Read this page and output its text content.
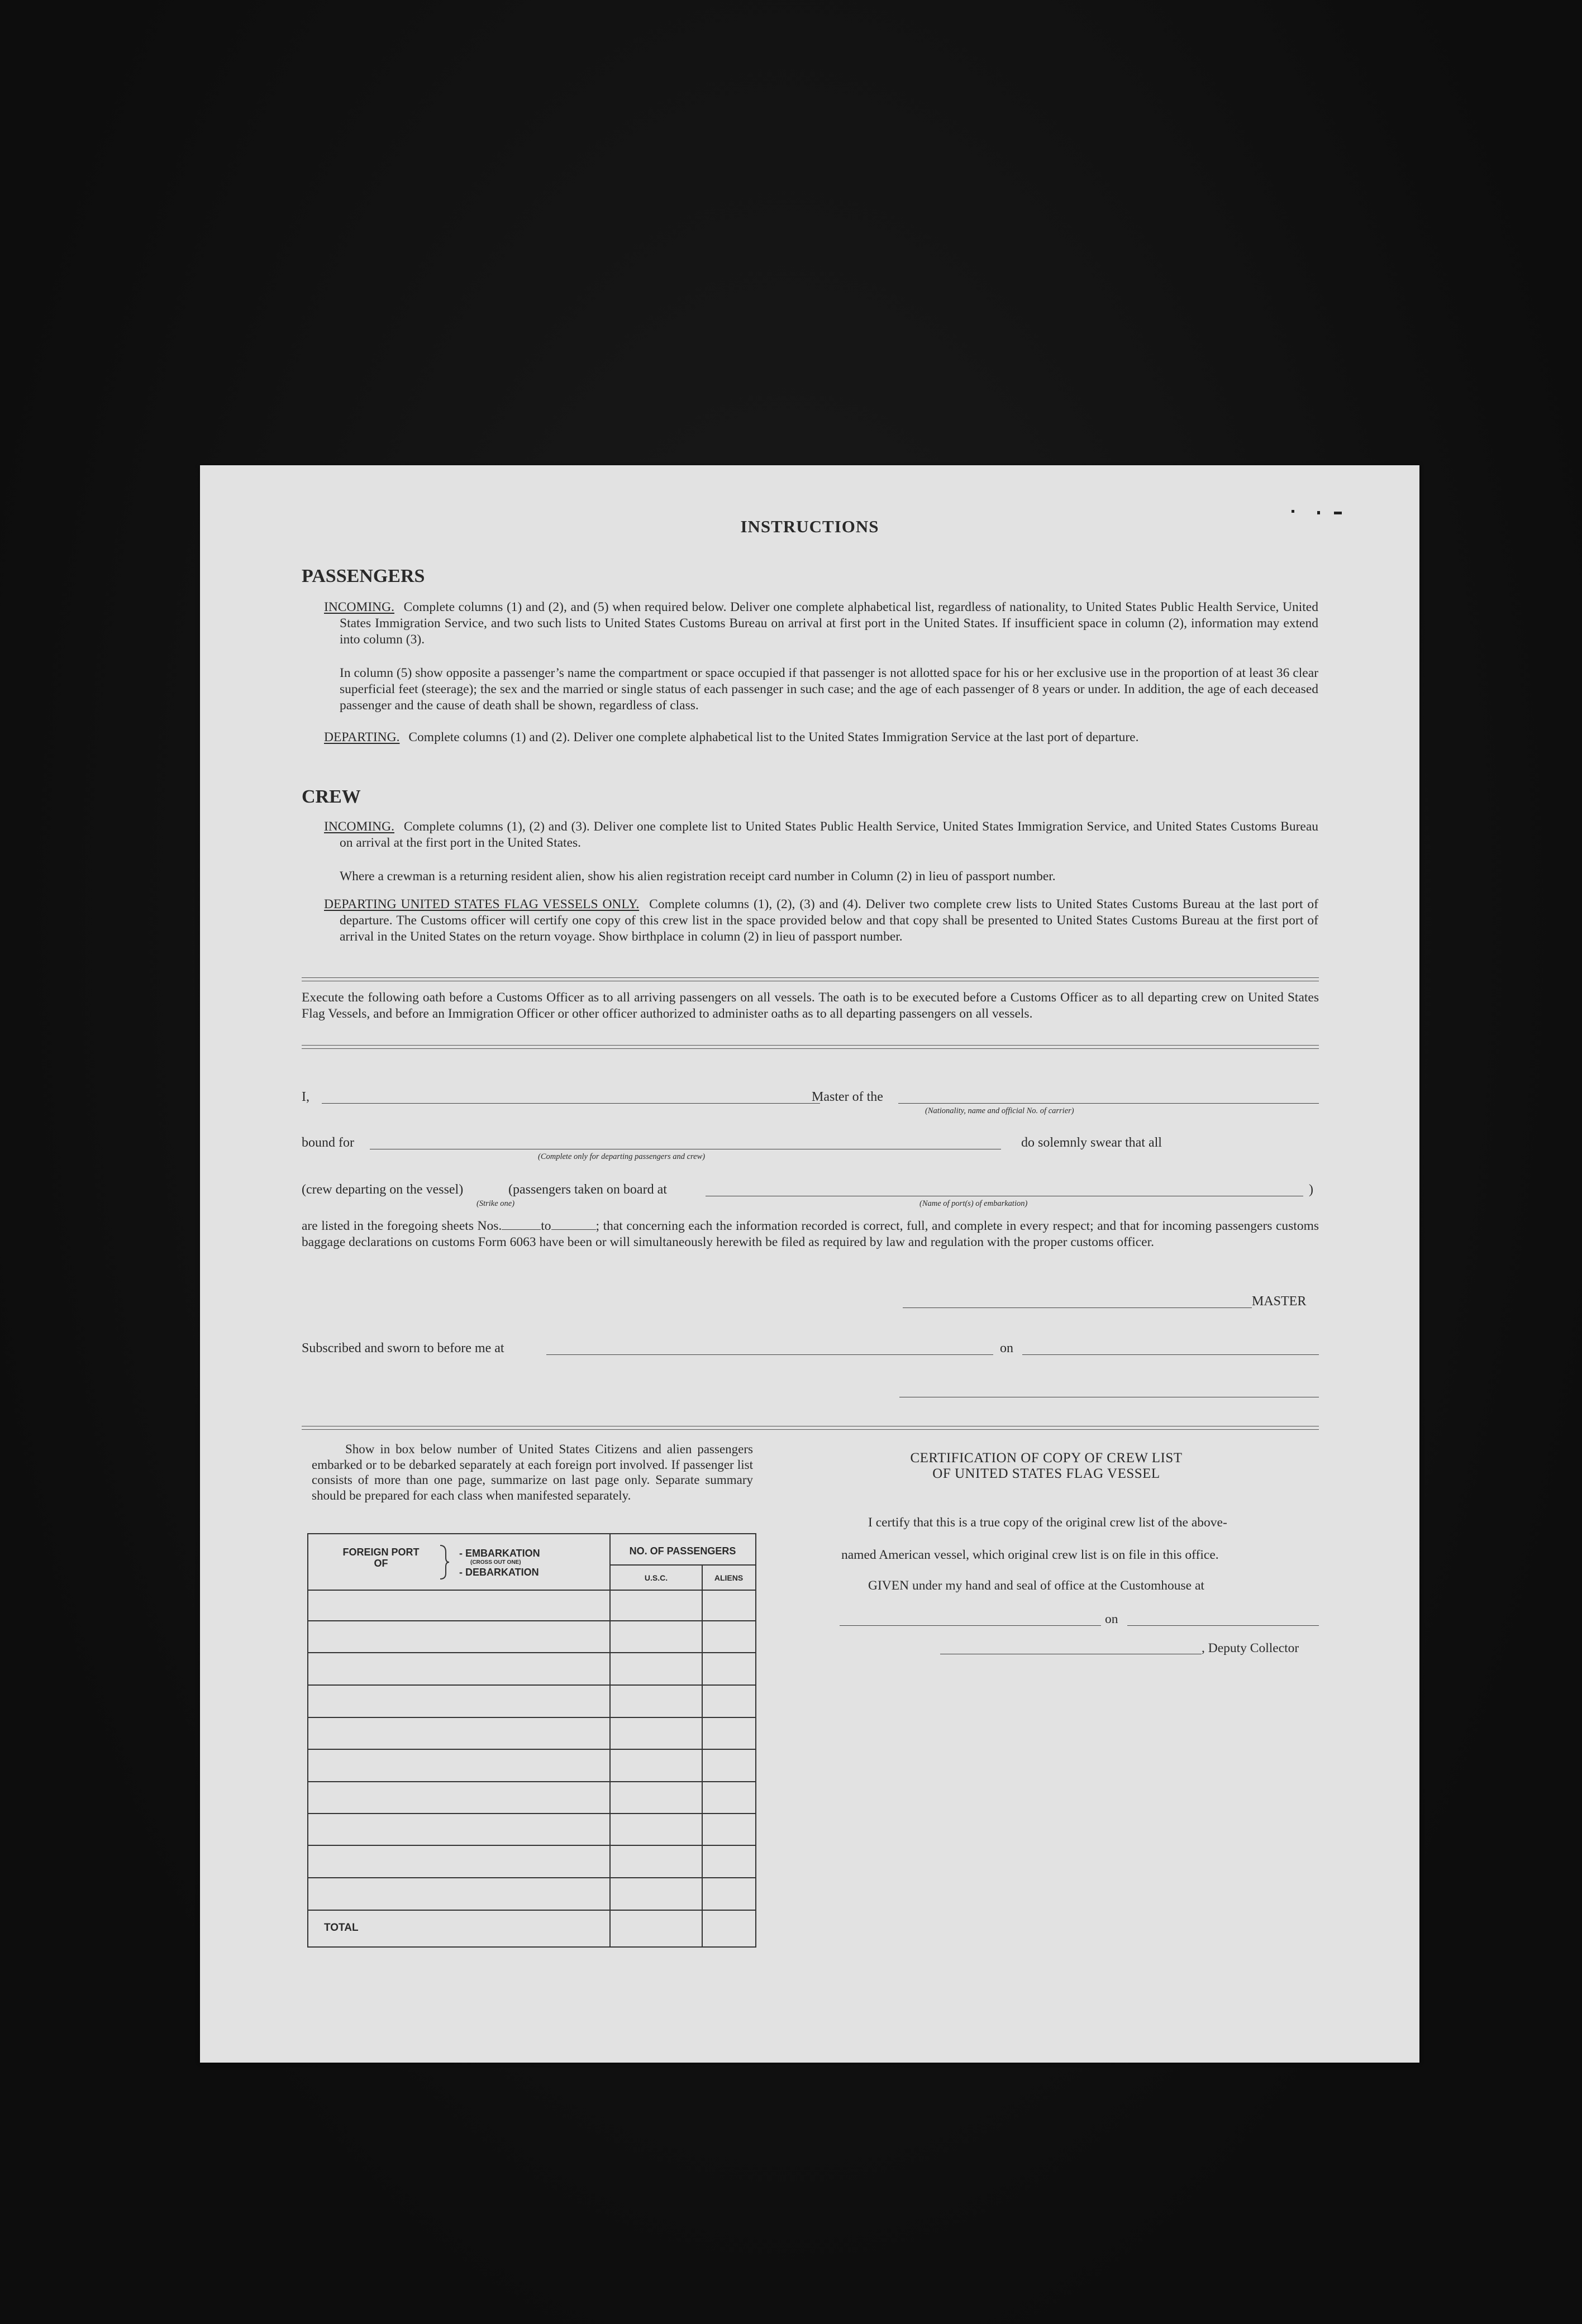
INSTRUCTIONS
PASSENGERS
INCOMING. Complete columns (1) and (2), and (5) when required below. Deliver one complete alphabetical list, regardless of nationality, to United States Public Health Service, United States Immigration Service, and two such lists to United States Customs Bureau on arrival at first port in the United States. If insufficient space in column (2), information may extend into column (3).
In column (5) show opposite a passenger’s name the compartment or space occupied if that passenger is not allotted space for his or her exclusive use in the proportion of at least 36 clear superficial feet (steerage); the sex and the married or single status of each passenger in such case; and the age of each passenger of 8 years or under. In addition, the age of each deceased passenger and the cause of death shall be shown, regardless of class.
DEPARTING. Complete columns (1) and (2). Deliver one complete alphabetical list to the United States Immigration Service at the last port of departure.
CREW
INCOMING. Complete columns (1), (2) and (3). Deliver one complete list to United States Public Health Service, United States Immigration Service, and United States Customs Bureau on arrival at the first port in the United States.
Where a crewman is a returning resident alien, show his alien registration receipt card number in Column (2) in lieu of passport number.
DEPARTING UNITED STATES FLAG VESSELS ONLY. Complete columns (1), (2), (3) and (4). Deliver two complete crew lists to United States Customs Bureau at the last port of departure. The Customs officer will certify one copy of this crew list in the space provided below and that copy shall be presented to United States Customs Bureau at the first port of arrival in the United States on the return voyage. Show birthplace in column (2) in lieu of passport number.
Execute the following oath before a Customs Officer as to all arriving passengers on all vessels. The oath is to be executed before a Customs Officer as to all departing crew on United States Flag Vessels, and before an Immigration Officer or other officer authorized to administer oaths as to all departing passengers on all vessels.
I,	Master of the
(Nationality, name and official No. of carrier)
bound for	do solemnly swear that all
(Complete only for departing passengers and crew)
(crew departing on the vessel)	(passengers taken on board at	)
(Strike one)	(Name of port(s) of embarkation)
are listed in the foregoing sheets Nos.	to	; that concerning each the information recorded is correct, full, and complete in every respect; and that for incoming passengers customs baggage declarations on customs Form 6063 have been or will simultaneously herewith be filed as required by law and regulation with the proper customs officer.
MASTER
Subscribed and sworn to before me at	on
Show in box below number of United States Citizens and alien passengers embarked or to be debarked separately at each foreign port involved. If passenger list consists of more than one page, summarize on last page only. Separate summary should be prepared for each class when manifested separately.
FOREIGN PORT OF
- EMBARKATION
(CROSS OUT ONE)
- DEBARKATION
NO. OF PASSENGERS
U.S.C.	ALIENS
TOTAL
CERTIFICATION OF COPY OF CREW LIST
OF UNITED STATES FLAG VESSEL
I certify that this is a true copy of the original crew list of the above-
named American vessel, which original crew list is on file in this office.
GIVEN under my hand and seal of office at the Customhouse at
on
, Deputy Collector
